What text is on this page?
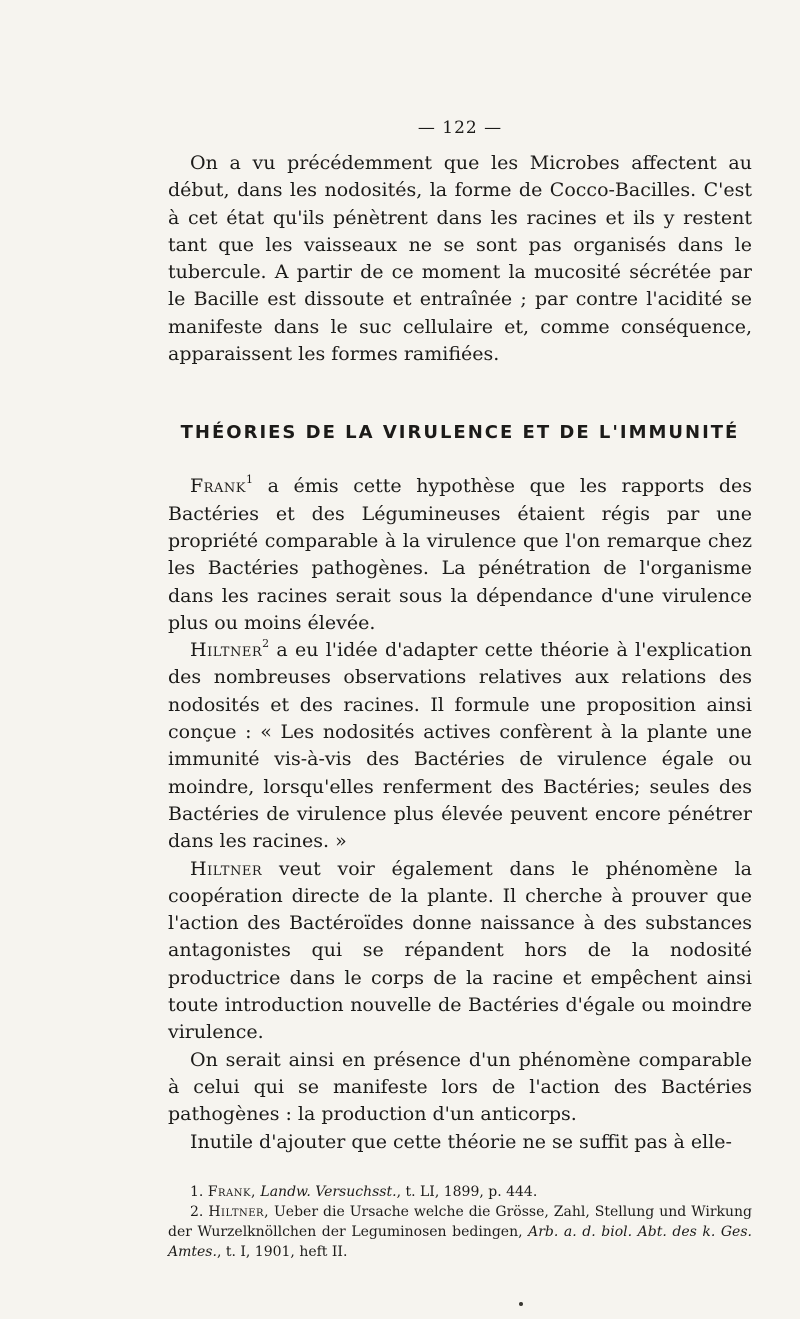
— 122 —

On a vu précédemment que les Microbes affectent au début, dans les nodosités, la forme de Cocco-Bacilles. C'est à cet état qu'ils pénètrent dans les racines et ils y restent tant que les vaisseaux ne se sont pas organisés dans le tubercule. A partir de ce moment la mucosité sécrétée par le Bacille est dissoute et entraînée ; par contre l'acidité se manifeste dans le suc cellulaire et, comme conséquence, apparaissent les formes ramifiées.

THÉORIES DE LA VIRULENCE ET DE L'IMMUNITÉ

Frank$^1$ a émis cette hypothèse que les rapports des Bactéries et des Légumineuses étaient régis par une propriété comparable à la virulence que l'on remarque chez les Bactéries pathogènes. La pénétration de l'organisme dans les racines serait sous la dépendance d'une virulence plus ou moins élevée.

Hiltner$^2$ a eu l'idée d'adapter cette théorie à l'explication des nombreuses observations relatives aux relations des nodosités et des racines. Il formule une proposition ainsi conçue : « Les nodosités actives confèrent à la plante une immunité vis-à-vis des Bactéries de virulence égale ou moindre, lorsqu'elles renferment des Bactéries; seules des Bactéries de virulence plus élevée peuvent encore pénétrer dans les racines. »

Hiltner veut voir également dans le phénomène la coopération directe de la plante. Il cherche à prouver que l'action des Bactéroïdes donne naissance à des substances antagonistes qui se répandent hors de la nodosité productrice dans le corps de la racine et empêchent ainsi toute introduction nouvelle de Bactéries d'égale ou moindre virulence.

On serait ainsi en présence d'un phénomène comparable à celui qui se manifeste lors de l'action des Bactéries pathogènes : la production d'un anticorps.

Inutile d'ajouter que cette théorie ne se suffit pas à elle-

1. Frank, Landw. Versuchsst., t. LI, 1899, p. 444.

2. Hiltner, Ueber die Ursache welche die Grösse, Zahl, Stellung und Wirkung der Wurzelknöllchen der Leguminosen bedingen, Arb. a. d. biol. Abt. des k. Ges. Amtes., t. I, 1901, heft II.
